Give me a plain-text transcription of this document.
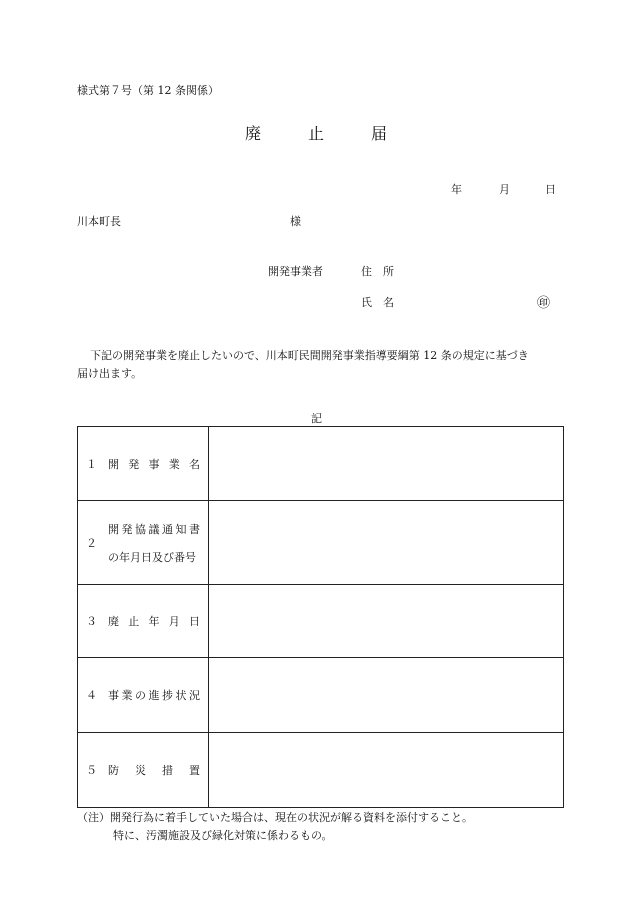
様式第７号（第 12 条関係）
廃	止	届
年	月	日
川本町長	様
開発事業者	住　所
氏　名	㊞
下記の開発事業を廃止したいので、川本町民間開発事業指導要綱第 12 条の規定に基づき
届け出ます。
記
１ 開発事業名	

２
開発協議通知書
の年月日及び番号	

３ 廃止年月日	

４ 事業の進捗状況	

５ 防災措置	

（注）開発行為に着手していた場合は、現在の状況が解る資料を添付すること。
特に、汚濁施設及び緑化対策に係わるもの。
